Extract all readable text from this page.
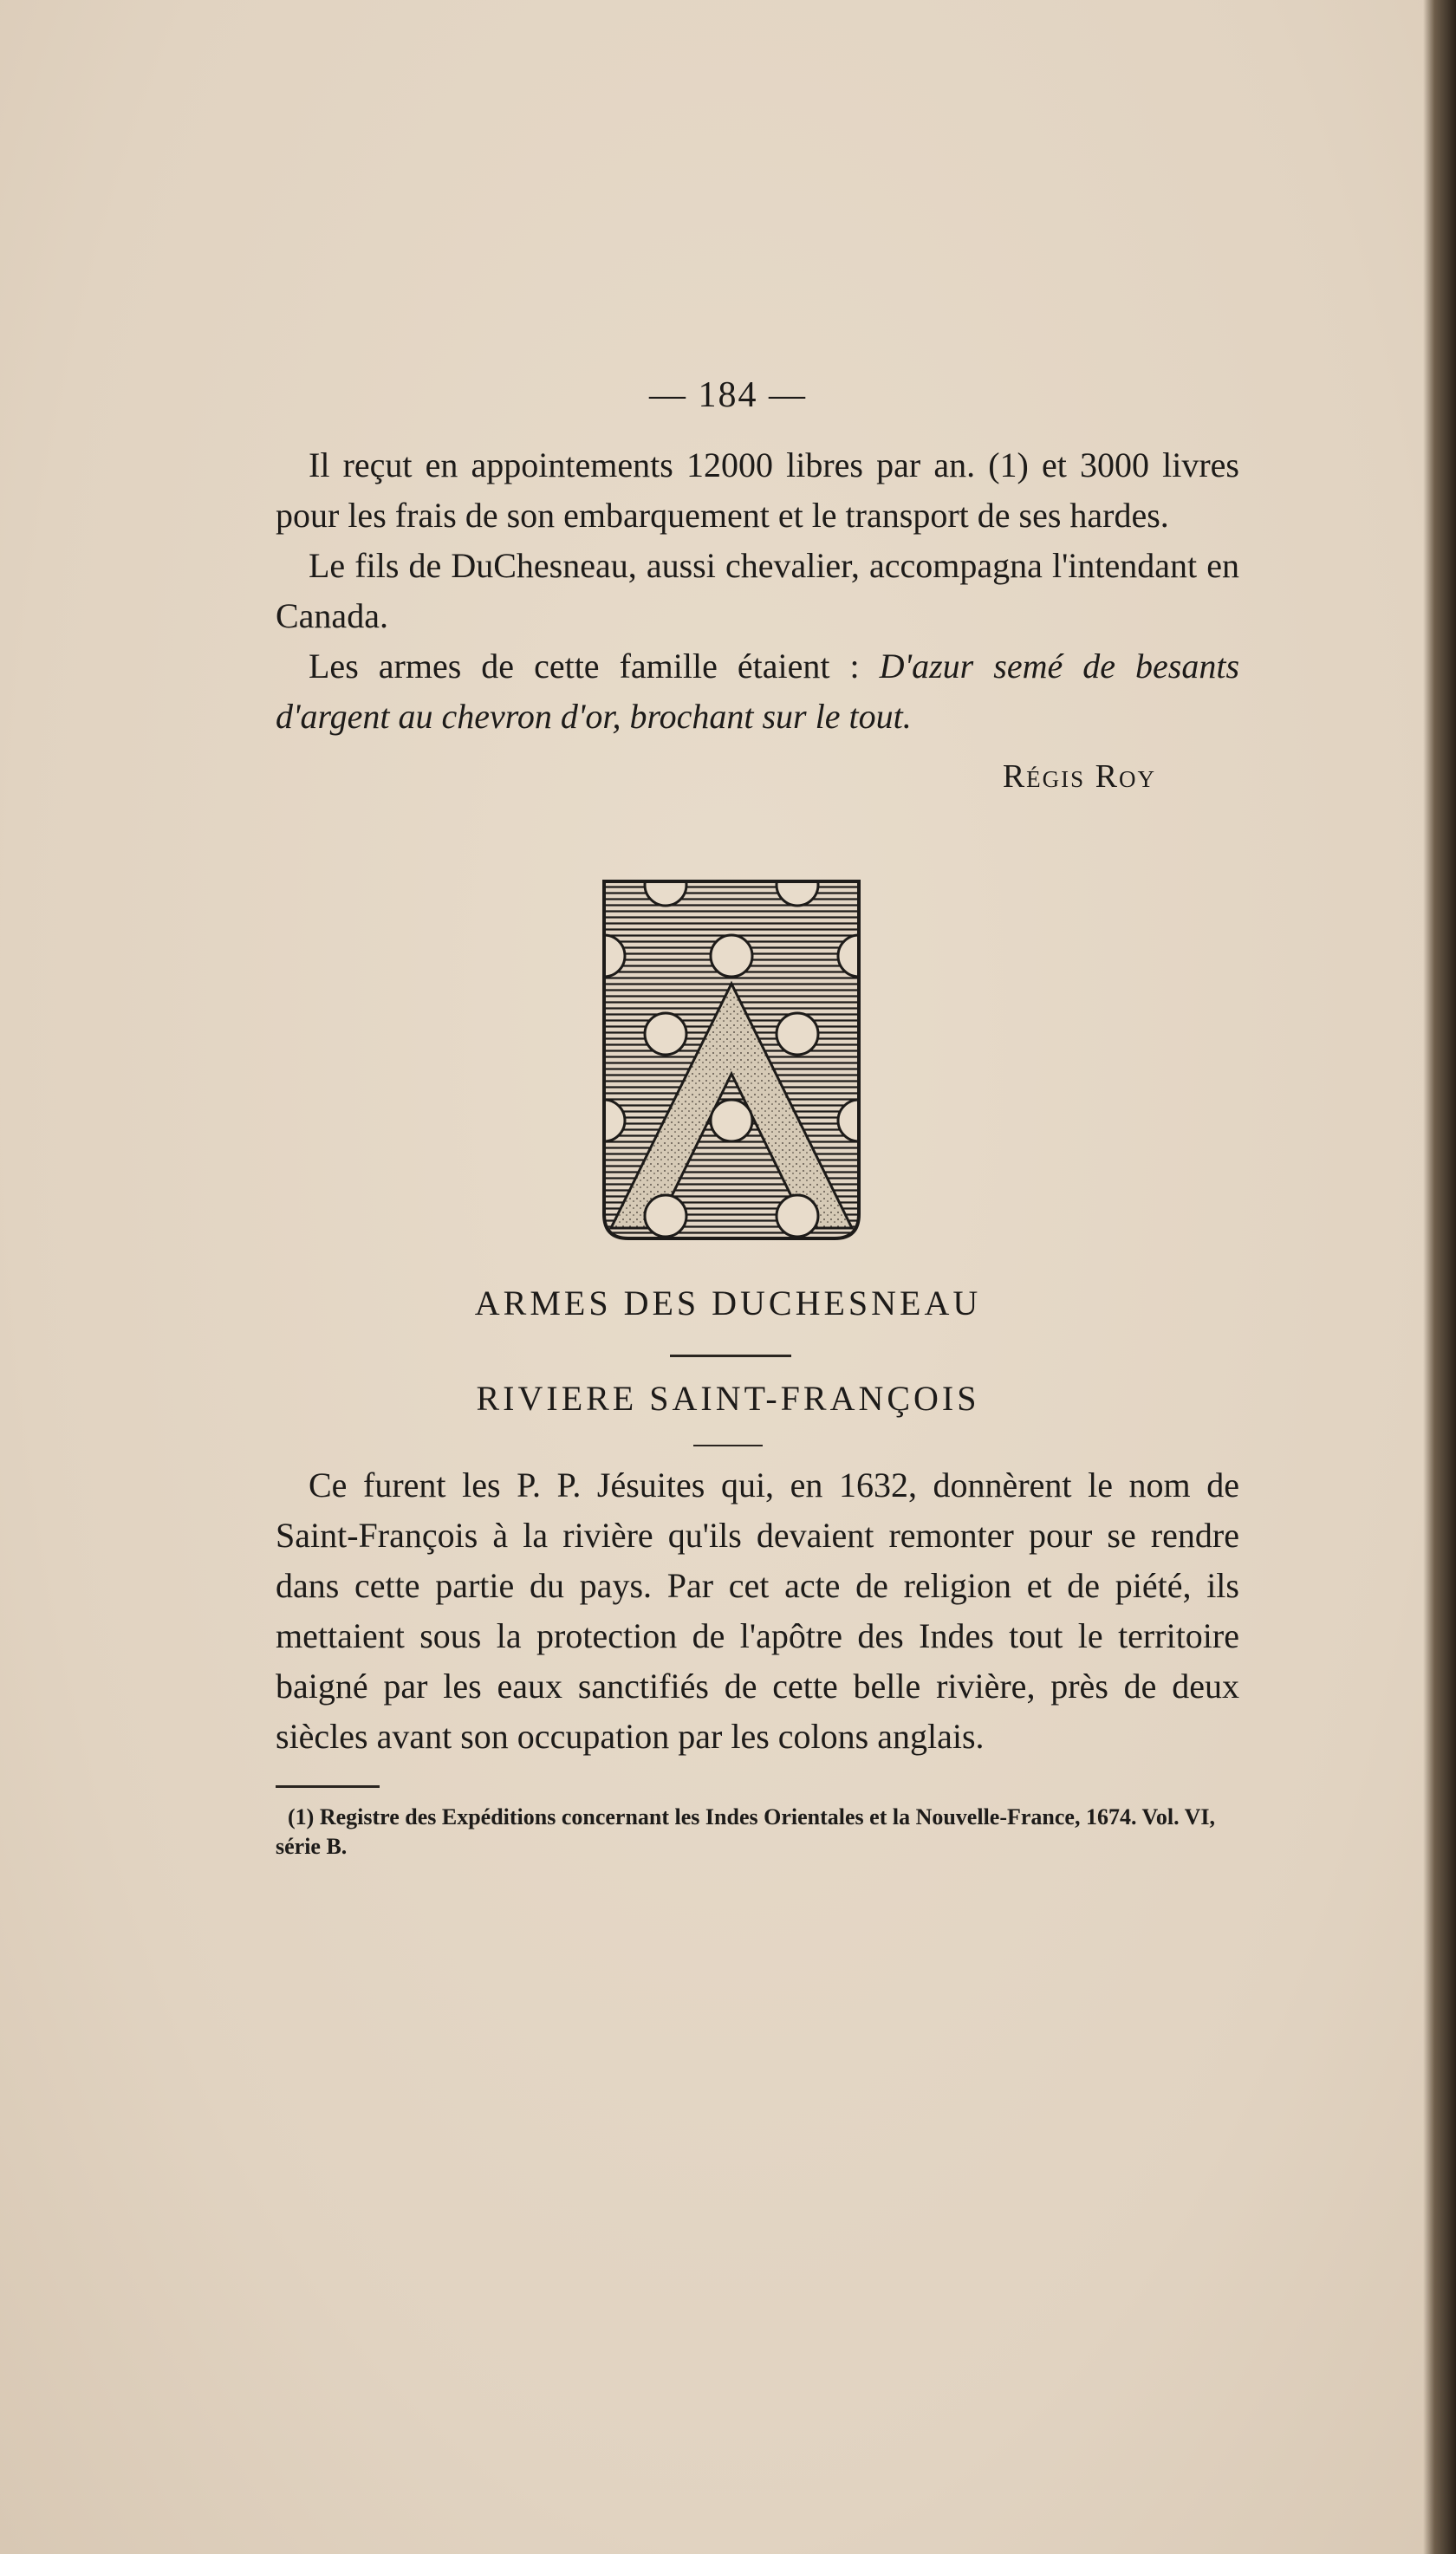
— 184 —

Il reçut en appointements 12000 libres par an. (1) et 3000 livres pour les frais de son embarquement et le transport de ses hardes.

Le fils de DuChesneau, aussi chevalier, accompagna l'intendant en Canada.

Les armes de cette famille étaient : D'azur semé de besants d'argent au chevron d'or, brochant sur le tout.

Régis Roy
ARMES DES DUCHESNEAU
RIVIERE SAINT-FRANÇOIS

Ce furent les P. P. Jésuites qui, en 1632, donnèrent le nom de Saint-François à la rivière qu'ils devaient remonter pour se rendre dans cette partie du pays. Par cet acte de religion et de piété, ils mettaient sous la protection de l'apôtre des Indes tout le territoire baigné par les eaux sanctifiés de cette belle rivière, près de deux siècles avant son occupation par les colons anglais.

(1) Registre des Expéditions concernant les Indes Orientales et la Nouvelle-France, 1674. Vol. VI, série B.
